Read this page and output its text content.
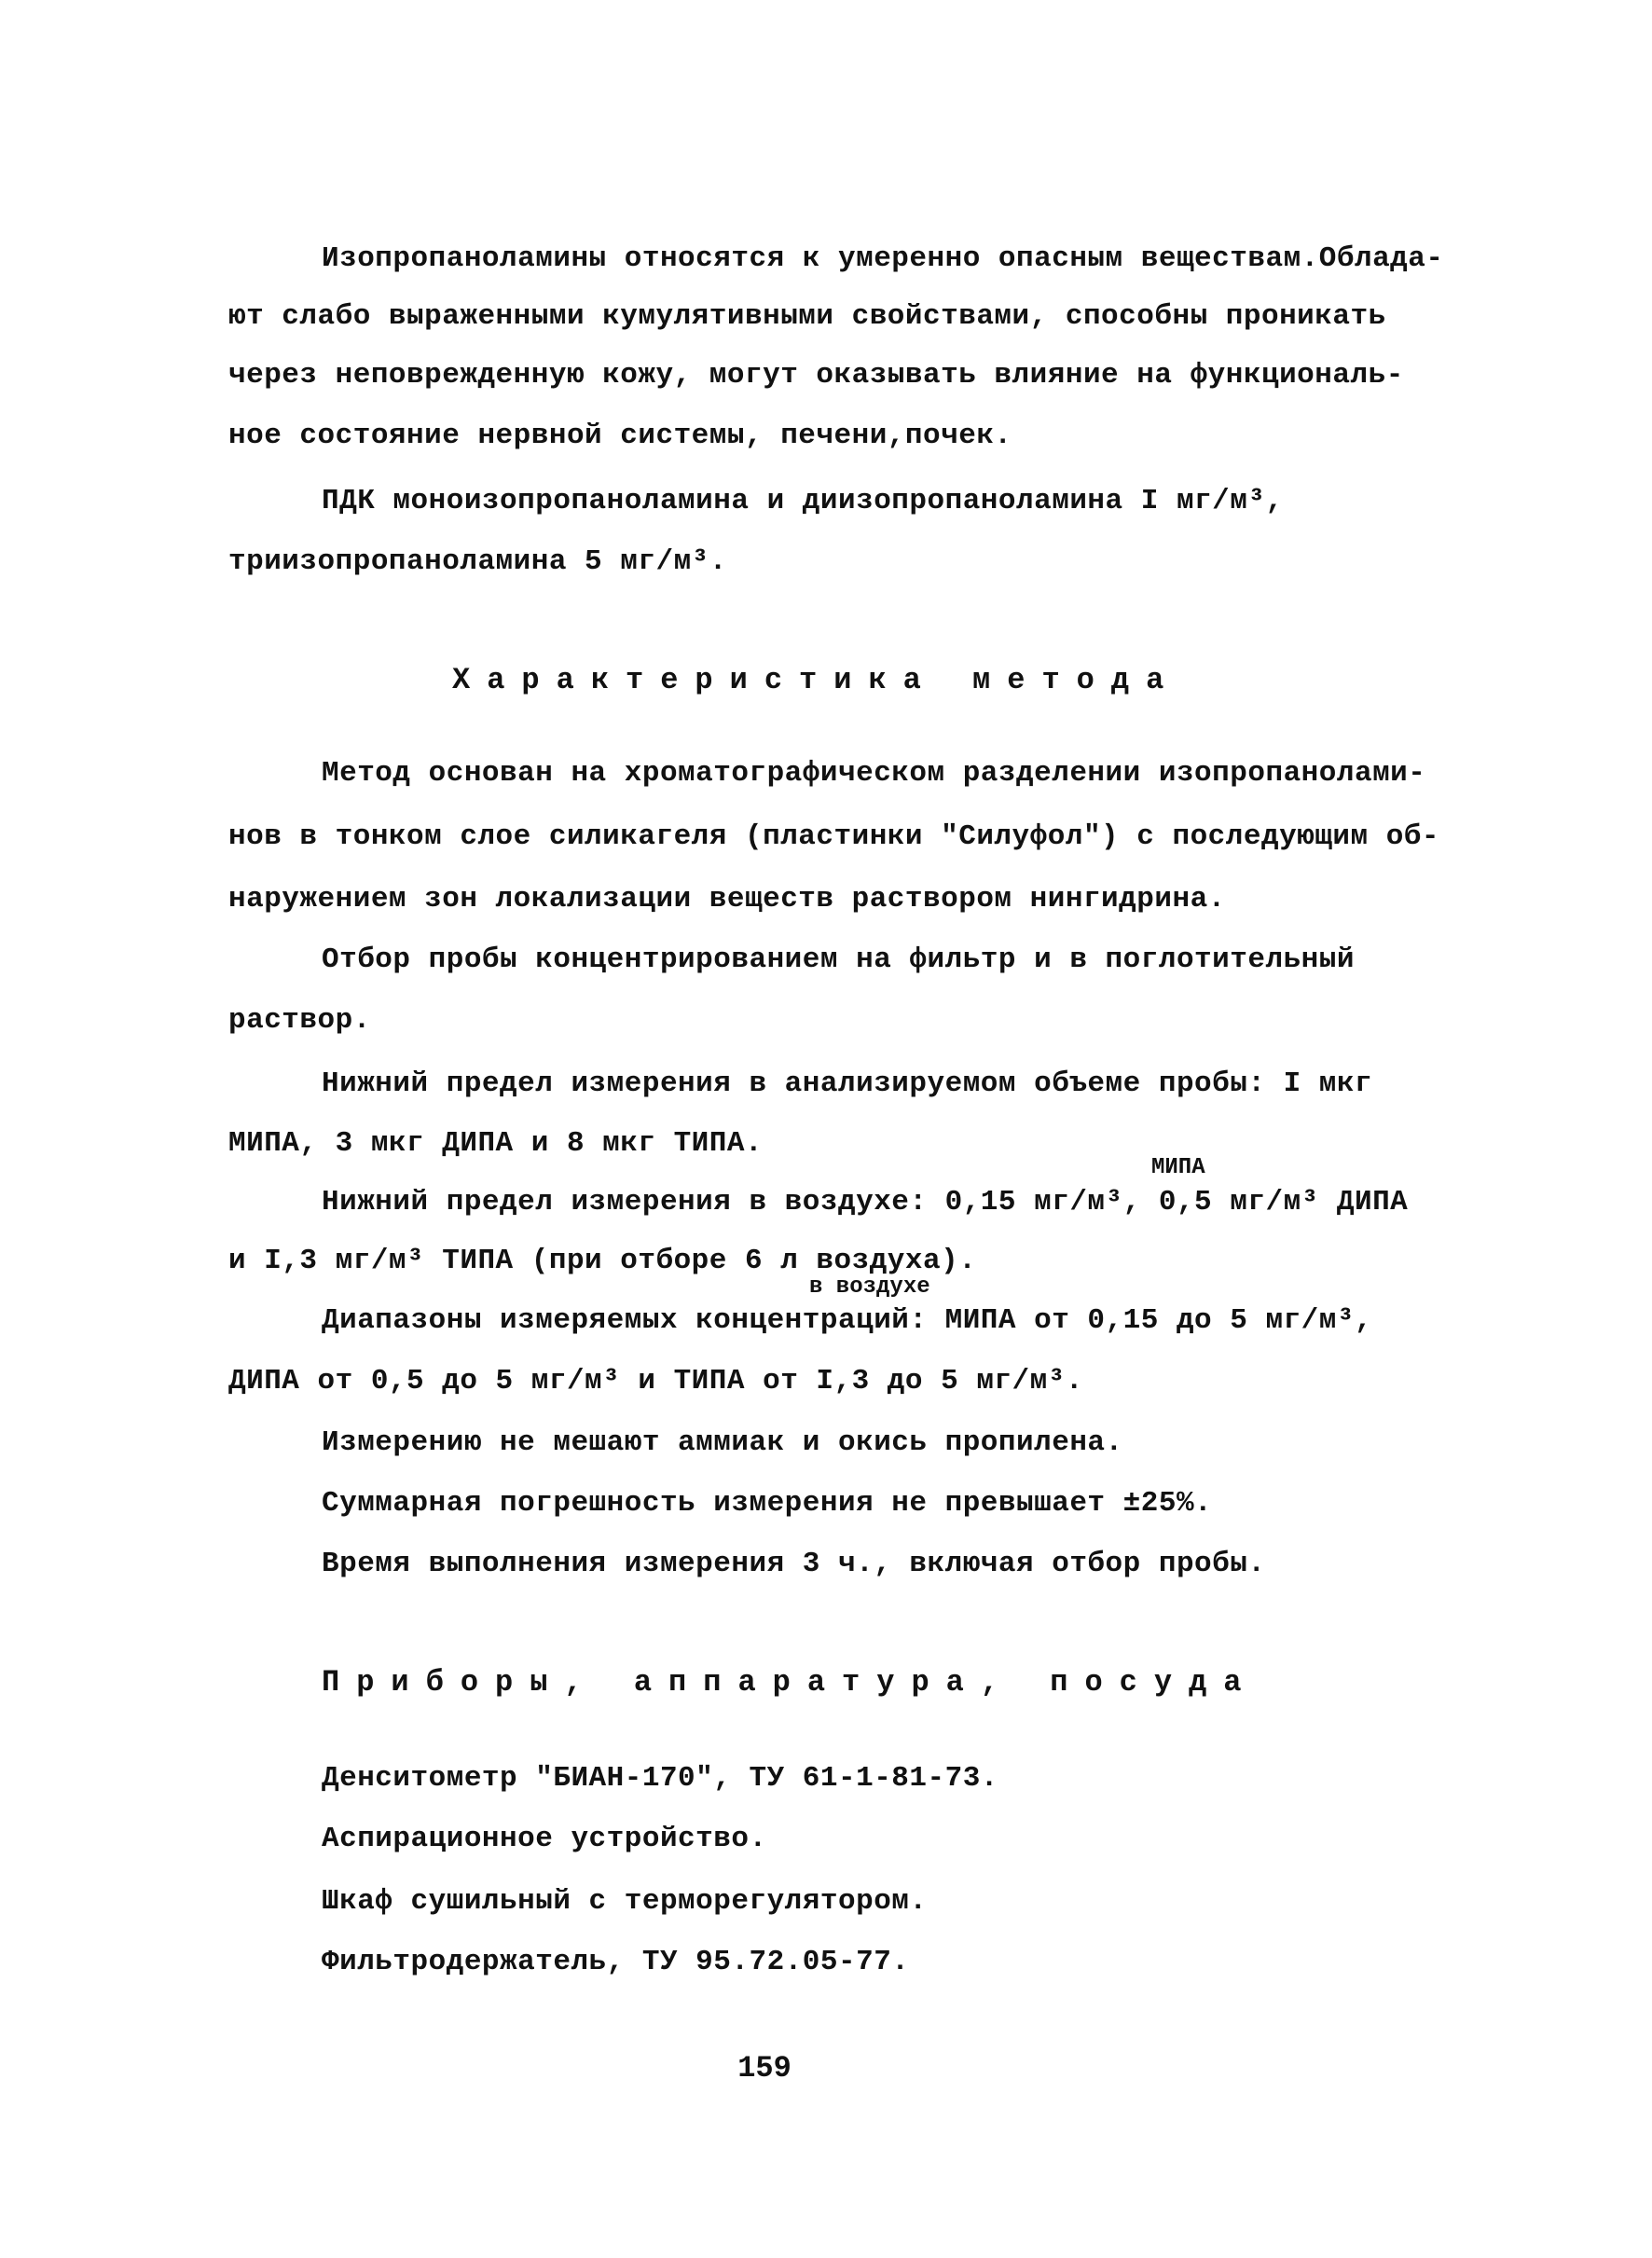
Изопропаноламины относятся к умеренно опасным веществам.Облада-
ют слабо выраженными кумулятивными свойствами, способны проникать
через неповрежденную кожу, могут оказывать влияние на функциональ-
ное состояние нервной системы, печени,почек.
ПДК моноизопропаноламина и диизопропаноламина I мг/м³,
триизопропаноламина 5 мг/м³.
Характеристика метода
Метод основан на хроматографическом разделении изопропанолами-
нов в тонком слое силикагеля (пластинки "Силуфол") с последующим об-
наружением зон локализации веществ раствором нингидрина.
Отбор пробы концентрированием на фильтр и в поглотительный
раствор.
Нижний предел измерения в анализируемом объеме пробы: I мкг
МИПА, 3 мкг ДИПА и 8 мкг ТИПА.
МИПА
Нижний предел измерения в воздухе: 0,15 мг/м³, 0,5 мг/м³ ДИПА
и I,3 мг/м³ ТИПА (при отборе 6 л воздуха).
в воздухе
Диапазоны измеряемых концентраций: МИПА от 0,15 до 5 мг/м³,
ДИПА от 0,5 до 5 мг/м³ и ТИПА от I,3 до 5 мг/м³.
Измерению не мешают аммиак и окись пропилена.
Суммарная погрешность измерения не превышает ±25%.
Время выполнения измерения 3 ч., включая отбор пробы.
Приборы, аппаратура, посуда
Денситометр "БИАН-170", ТУ 61-1-81-73.
Аспирационное устройство.
Шкаф сушильный с терморегулятором.
Фильтродержатель, ТУ 95.72.05-77.
159
